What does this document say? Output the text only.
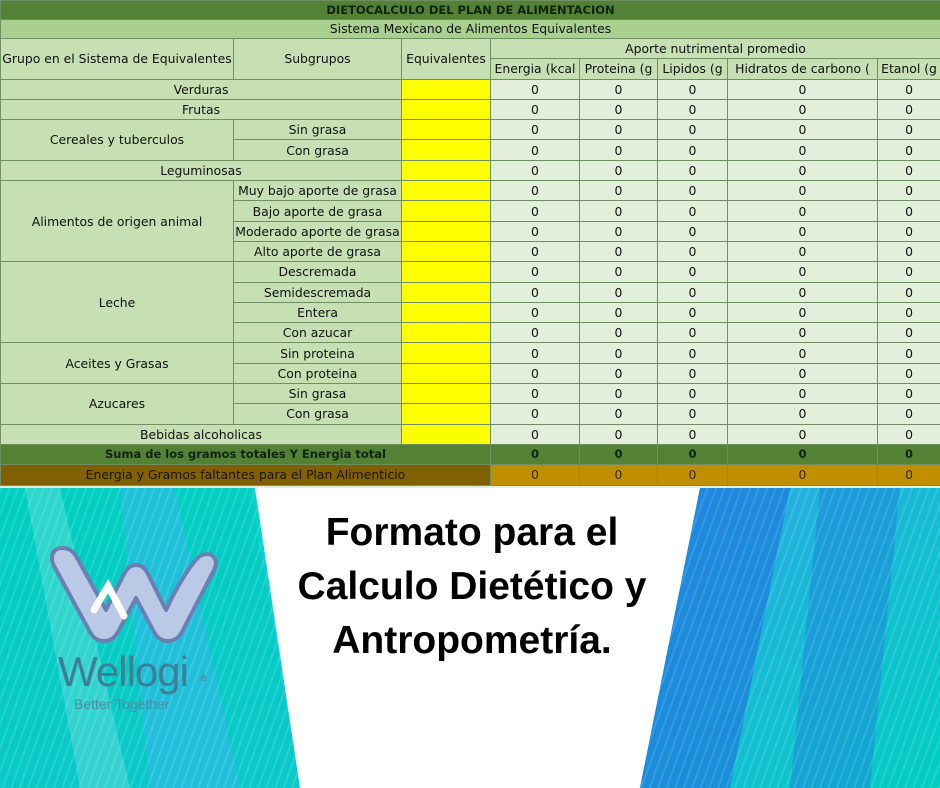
DIETOCALCULO DEL PLAN DE ALIMENTACION							
Sistema Mexicano de Alimentos Equivalentes							
Grupo en el Sistema de Equivalentes	Subgrupos	Equivalentes	Aporte nutrimental promedio				
			Energia (kcal	Proteina (g	Lipidos (g	Hidratos de carbono (	Etanol (g
Verduras			0	0	0	0	0
Frutas			0	0	0	0	0
Cereales y tuberculos	Sin grasa		0	0	0	0	0
	Con grasa		0	0	0	0	0
Leguminosas			0	0	0	0	0
Alimentos de origen animal	Muy bajo aporte de grasa		0	0	0	0	0
	Bajo aporte de grasa		0	0	0	0	0
	Moderado aporte de grasa		0	0	0	0	0
	Alto aporte de grasa		0	0	0	0	0
Leche	Descremada		0	0	0	0	0
	Semidescremada		0	0	0	0	0
	Entera		0	0	0	0	0
	Con azucar		0	0	0	0	0
Aceites y Grasas	Sin proteina		0	0	0	0	0
	Con proteina		0	0	0	0	0
Azucares	Sin grasa		0	0	0	0	0
	Con grasa		0	0	0	0	0
Bebidas alcoholicas			0	0	0	0	0
Suma de los gramos totales Y Energia total			0	0	0	0	0
Energia y Gramos faltantes para el Plan Alimenticio			0	0	0	0	0

Formato para el Calculo Dietético y Antropometría.

Wellogi ®
Better Together
